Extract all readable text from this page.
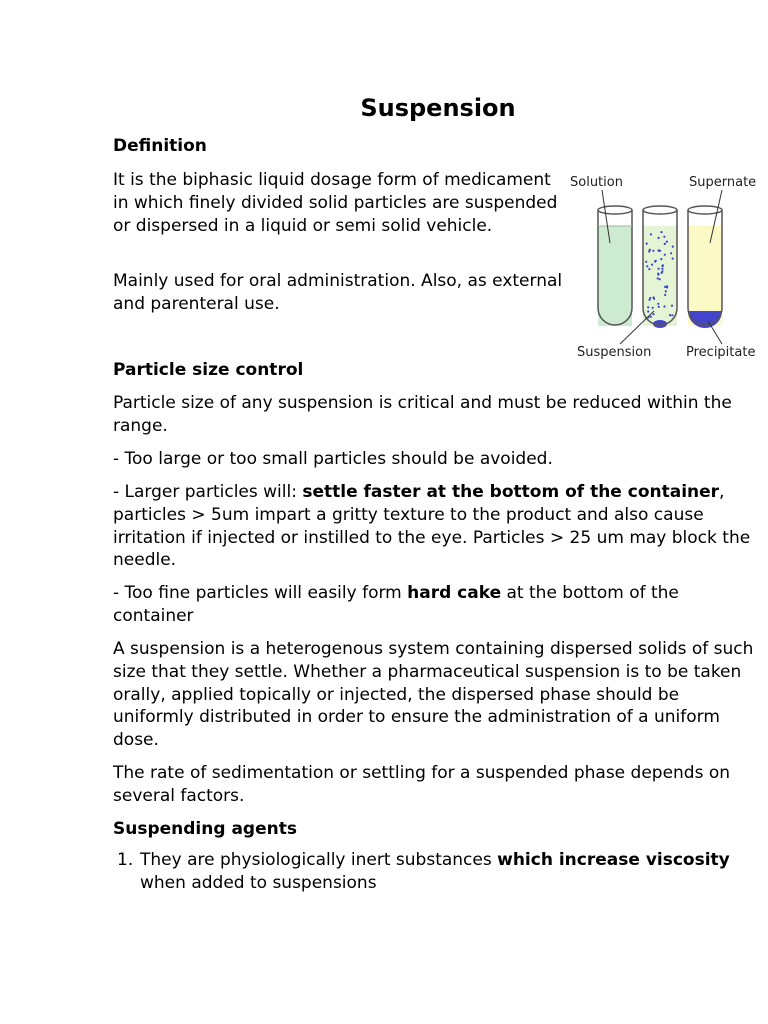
Suspension
Definition

It is the biphasic liquid dosage form of medicament in which finely divided solid particles are suspended or dispersed in a liquid or semi solid vehicle.

Mainly used for oral administration. Also, as external and parenteral use.

Solution	Supernate
Suspension	Precipitate
Particle size control

Particle size of any suspension is critical and must be reduced within the range.

- Too large or too small particles should be avoided.

- Larger particles will: settle faster at the bottom of the container, particles > 5um impart a gritty texture to the product and also cause irritation if injected or instilled to the eye. Particles > 25 um may block the needle.

- Too fine particles will easily form hard cake at the bottom of the container

A suspension is a heterogenous system containing dispersed solids of such size that they settle. Whether a pharmaceutical suspension is to be taken orally, applied topically or injected, the dispersed phase should be uniformly distributed in order to ensure the administration of a uniform dose.

The rate of sedimentation or settling for a suspended phase depends on several factors.

Suspending agents
1. They are physiologically inert substances which increase viscosity when added to suspensions
